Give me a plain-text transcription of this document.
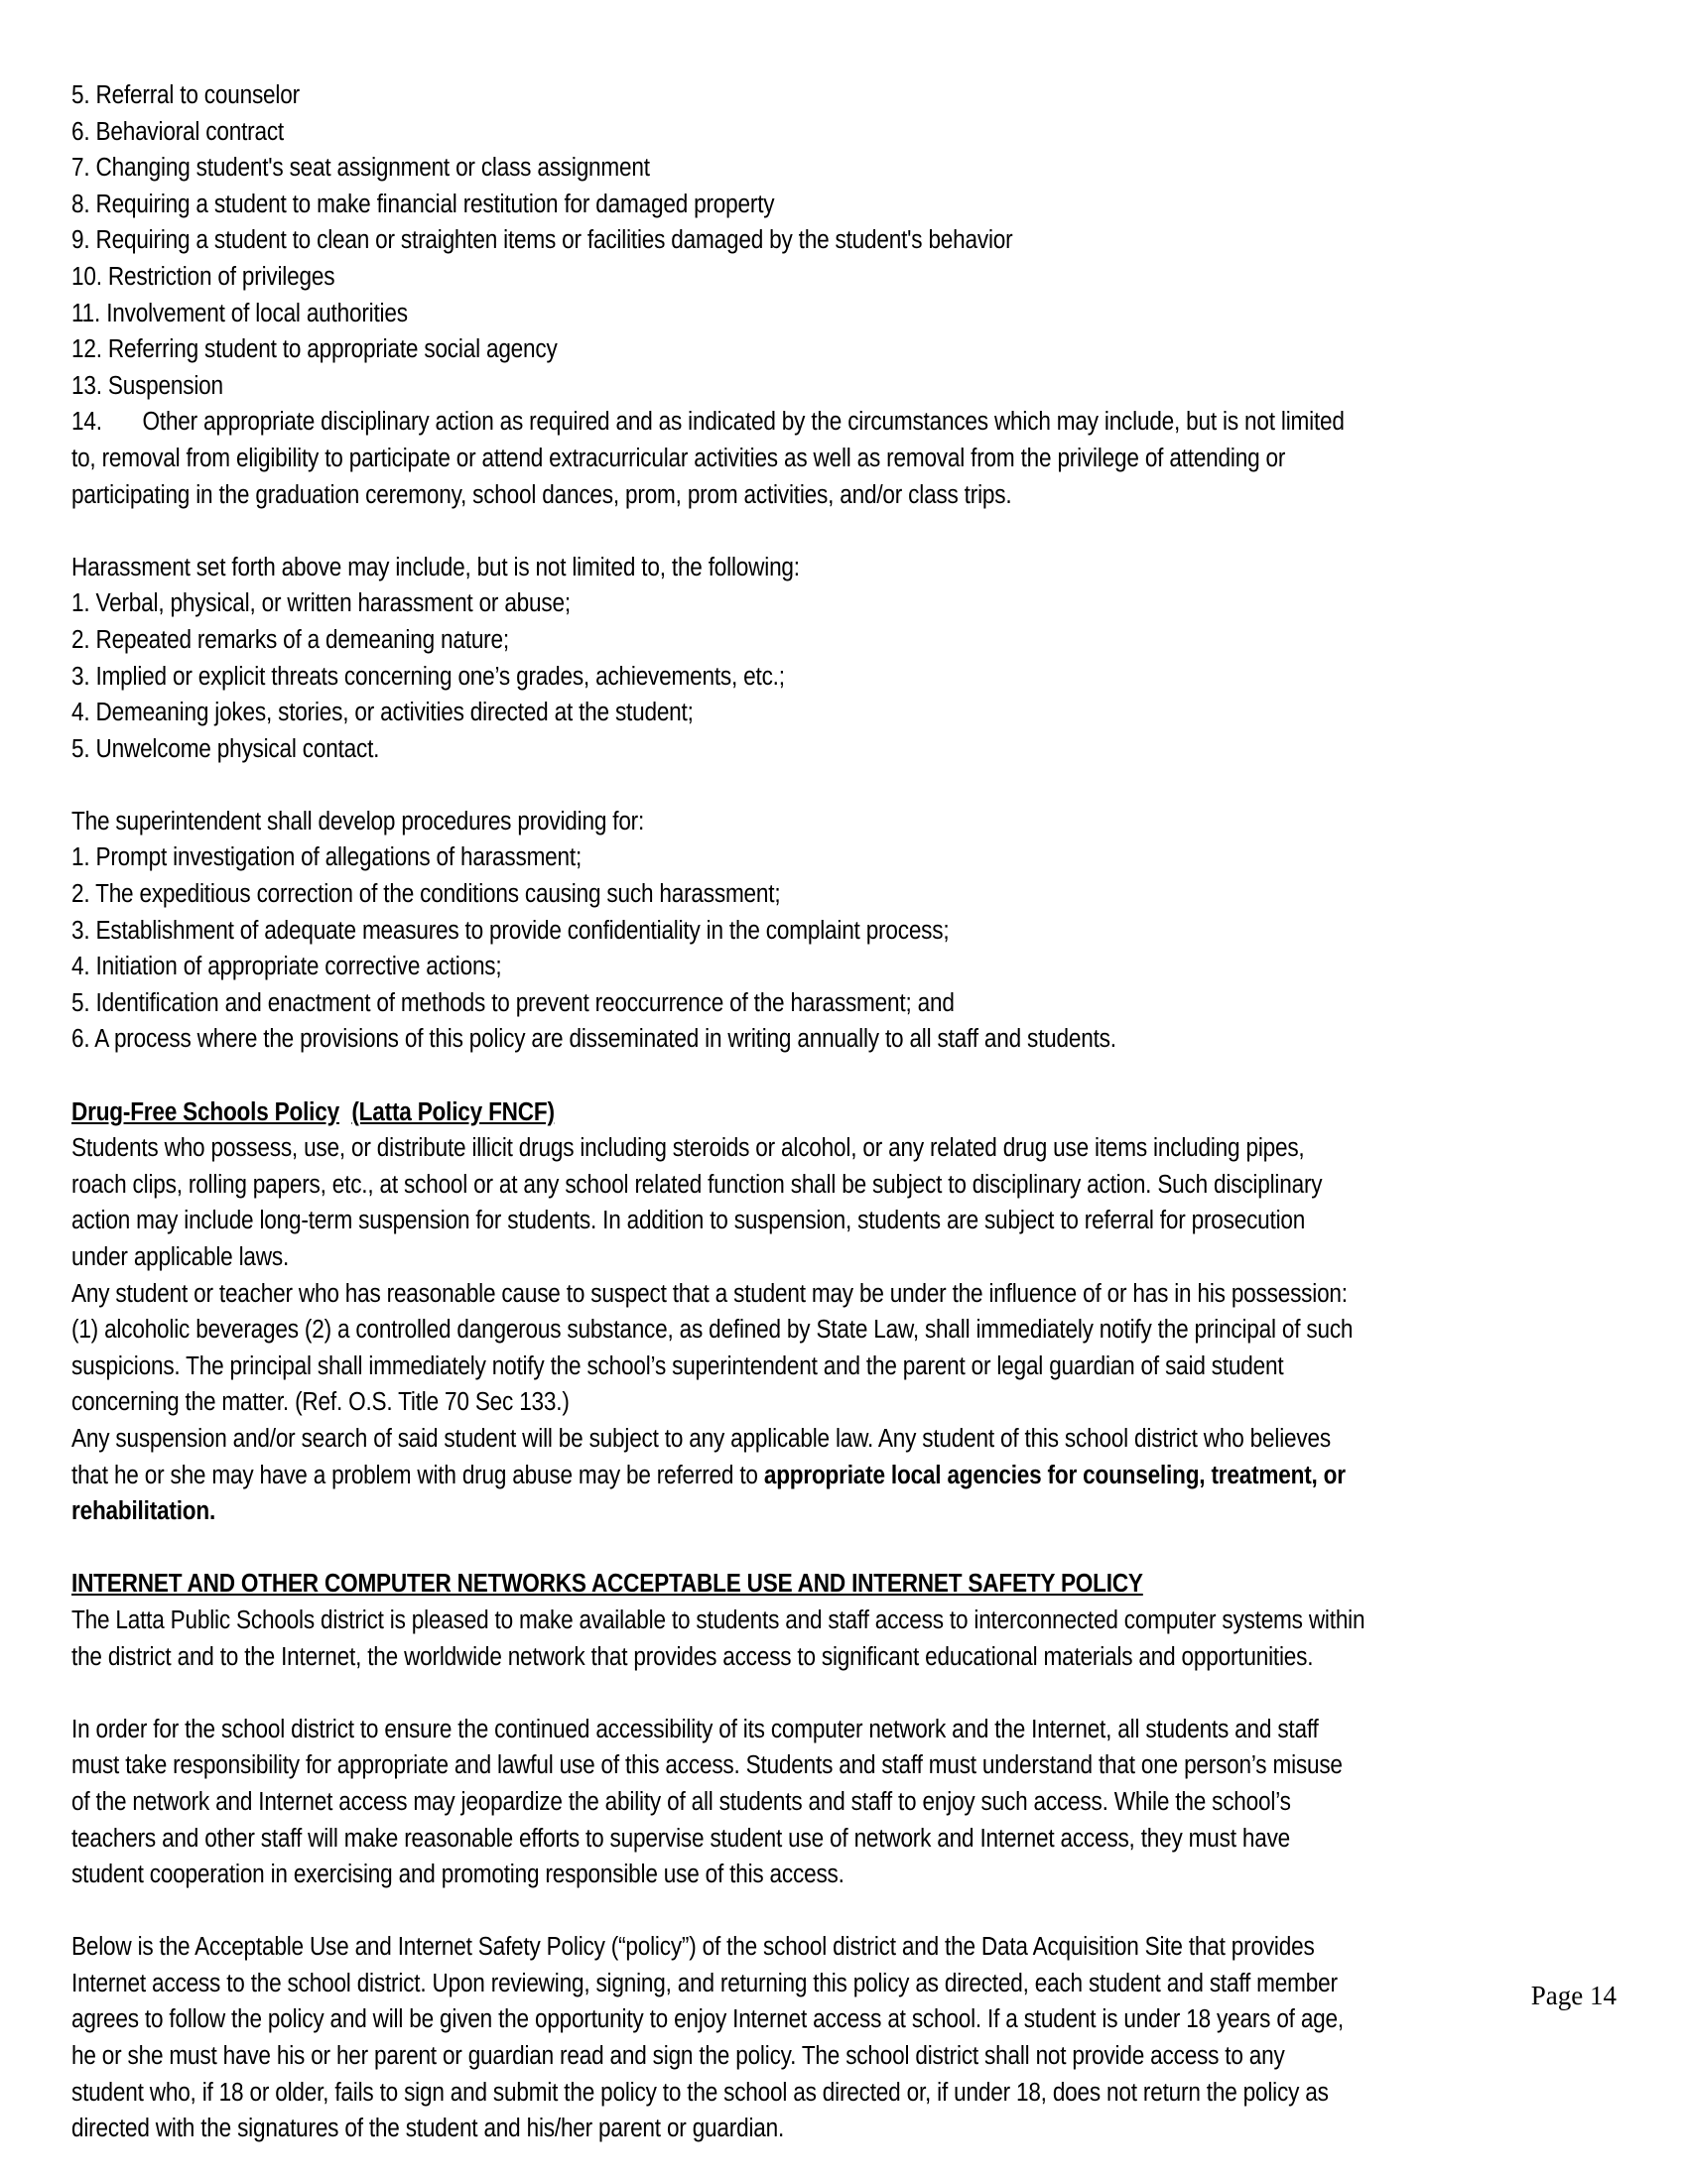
5. Referral to counselor
6. Behavioral contract
7. Changing student's seat assignment or class assignment
8. Requiring a student to make financial restitution for damaged property
9. Requiring a student to clean or straighten items or facilities damaged by the student's behavior
10. Restriction of privileges
11. Involvement of local authorities
12. Referring student to appropriate social agency
13. Suspension
14. Other appropriate disciplinary action as required and as indicated by the circumstances which may include, but is not limited
to, removal from eligibility to participate or attend extracurricular activities as well as removal from the privilege of attending or
participating in the graduation ceremony, school dances, prom, prom activities, and/or class trips.
Harassment set forth above may include, but is not limited to, the following:
1. Verbal, physical, or written harassment or abuse;
2. Repeated remarks of a demeaning nature;
3. Implied or explicit threats concerning one’s grades, achievements, etc.;
4. Demeaning jokes, stories, or activities directed at the student;
5. Unwelcome physical contact.
The superintendent shall develop procedures providing for:
1. Prompt investigation of allegations of harassment;
2. The expeditious correction of the conditions causing such harassment;
3. Establishment of adequate measures to provide confidentiality in the complaint process;
4. Initiation of appropriate corrective actions;
5. Identification and enactment of methods to prevent reoccurrence of the harassment; and
6. A process where the provisions of this policy are disseminated in writing annually to all staff and students.
Drug-Free Schools Policy (Latta Policy FNCF)
Students who possess, use, or distribute illicit drugs including steroids or alcohol, or any related drug use items including pipes,
roach clips, rolling papers, etc., at school or at any school related function shall be subject to disciplinary action. Such disciplinary
action may include long-term suspension for students. In addition to suspension, students are subject to referral for prosecution
under applicable laws.
Any student or teacher who has reasonable cause to suspect that a student may be under the influence of or has in his possession:
(1) alcoholic beverages (2) a controlled dangerous substance, as defined by State Law, shall immediately notify the principal of such
suspicions. The principal shall immediately notify the school’s superintendent and the parent or legal guardian of said student
concerning the matter. (Ref. O.S. Title 70 Sec 133.)
Any suspension and/or search of said student will be subject to any applicable law. Any student of this school district who believes
that he or she may have a problem with drug abuse may be referred to appropriate local agencies for counseling, treatment, or
rehabilitation.
INTERNET AND OTHER COMPUTER NETWORKS ACCEPTABLE USE AND INTERNET SAFETY POLICY
The Latta Public Schools district is pleased to make available to students and staff access to interconnected computer systems within
the district and to the Internet, the worldwide network that provides access to significant educational materials and opportunities.
In order for the school district to ensure the continued accessibility of its computer network and the Internet, all students and staff
must take responsibility for appropriate and lawful use of this access. Students and staff must understand that one person’s misuse
of the network and Internet access may jeopardize the ability of all students and staff to enjoy such access. While the school’s
teachers and other staff will make reasonable efforts to supervise student use of network and Internet access, they must have
student cooperation in exercising and promoting responsible use of this access.
Below is the Acceptable Use and Internet Safety Policy (“policy”) of the school district and the Data Acquisition Site that provides
Internet access to the school district. Upon reviewing, signing, and returning this policy as directed, each student and staff member
agrees to follow the policy and will be given the opportunity to enjoy Internet access at school. If a student is under 18 years of age,
he or she must have his or her parent or guardian read and sign the policy. The school district shall not provide access to any
student who, if 18 or older, fails to sign and submit the policy to the school as directed or, if under 18, does not return the policy as
directed with the signatures of the student and his/her parent or guardian.
Page 14
